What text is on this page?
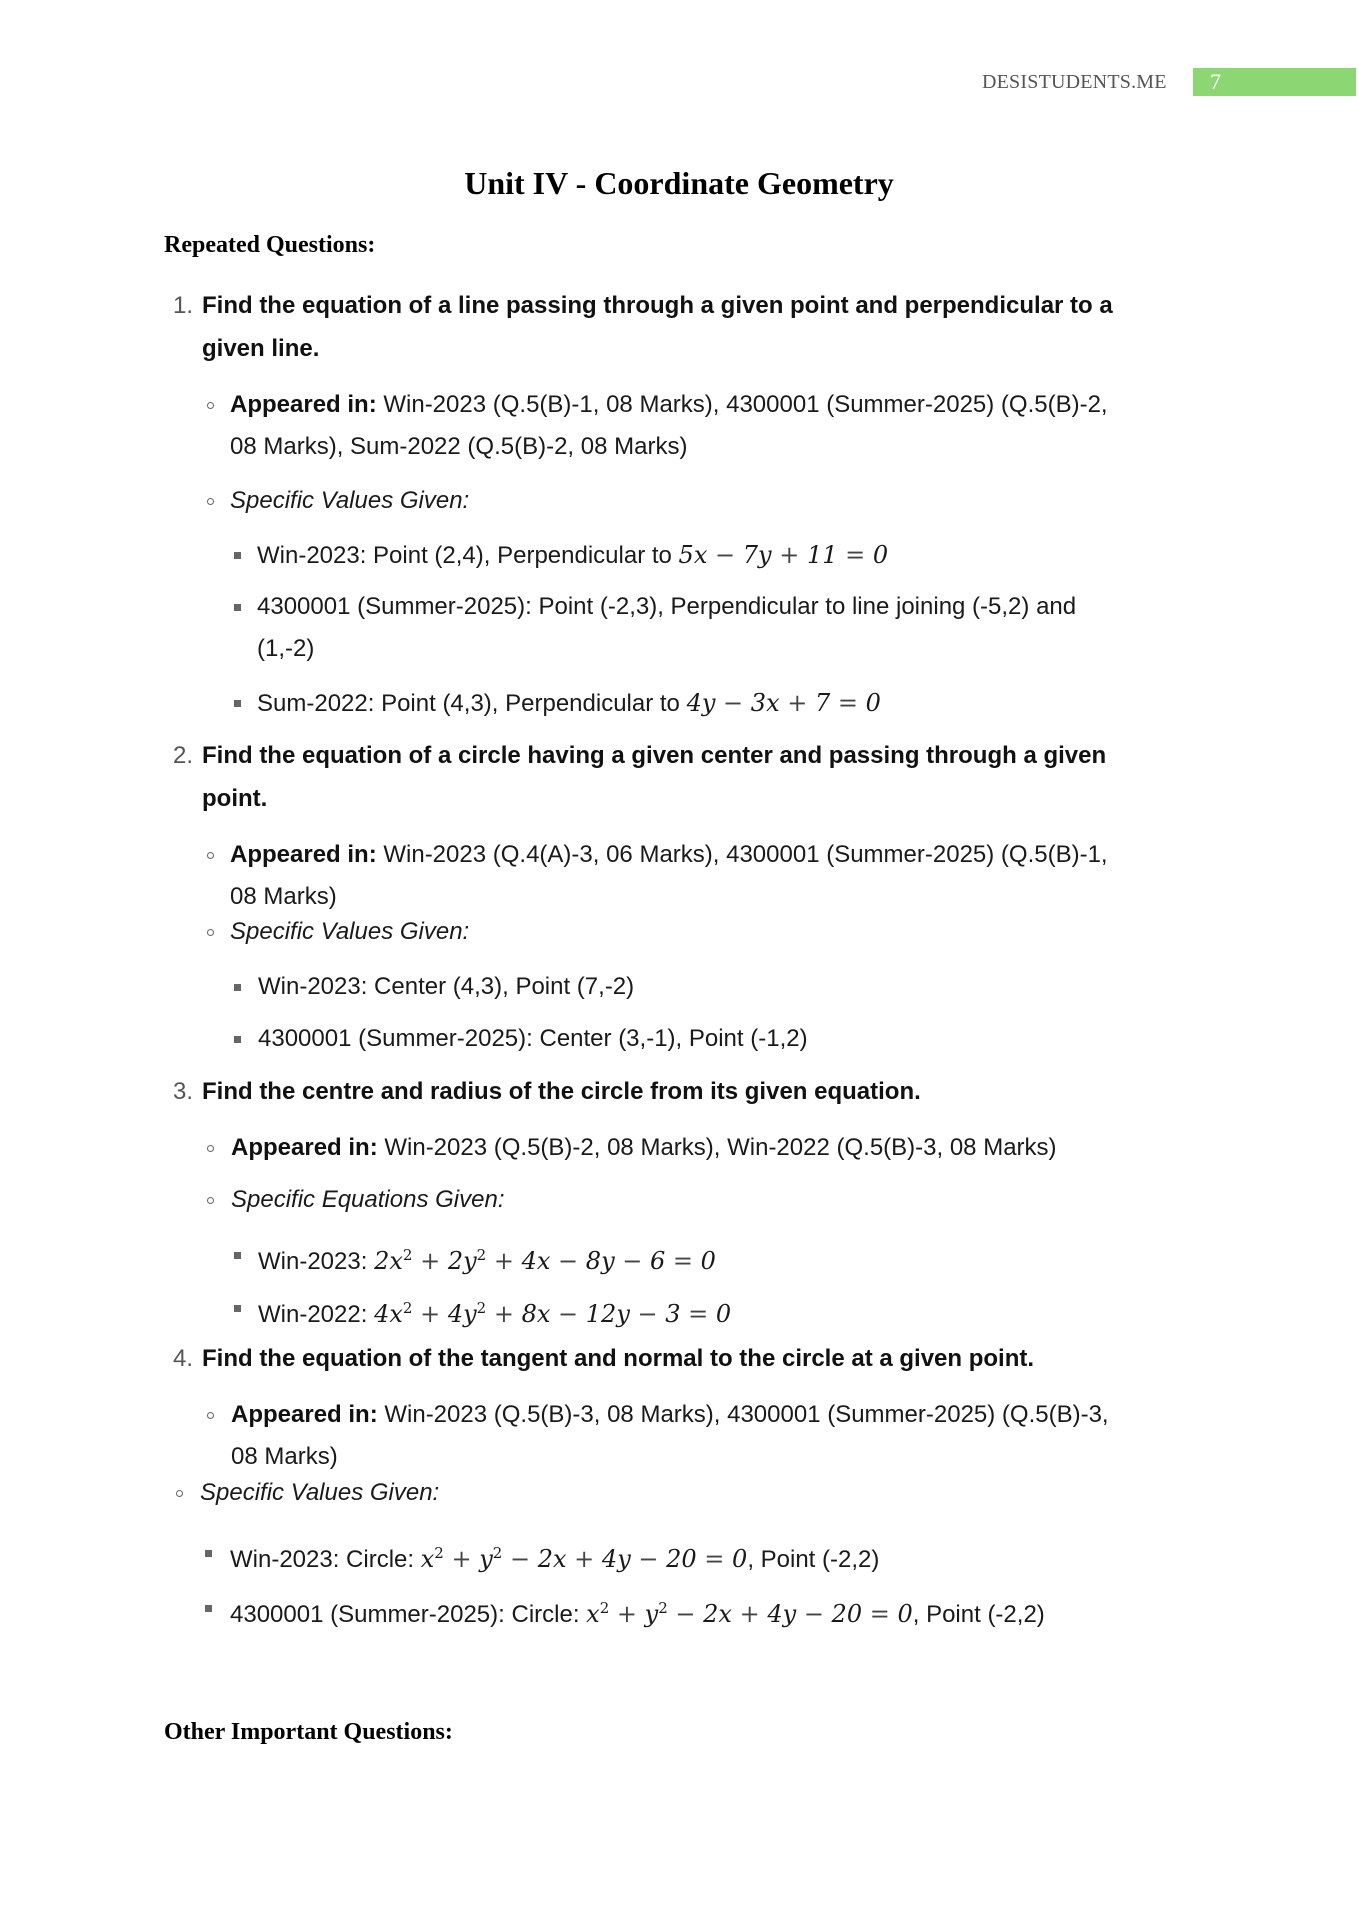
DESISTUDENTS.ME	7
Unit IV - Coordinate Geometry
Repeated Questions:
1. Find the equation of a line passing through a given point and perpendicular to a
given line.
Appeared in: Win-2023 (Q.5(B)-1, 08 Marks), 4300001 (Summer-2025) (Q.5(B)-2,
08 Marks), Sum-2022 (Q.5(B)-2, 08 Marks)
Specific Values Given:
Win-2023: Point (2,4), Perpendicular to 5x − 7y + 11 = 0
4300001 (Summer-2025): Point (-2,3), Perpendicular to line joining (-5,2) and
(1,-2)
Sum-2022: Point (4,3), Perpendicular to 4y − 3x + 7 = 0
2. Find the equation of a circle having a given center and passing through a given
point.
Appeared in: Win-2023 (Q.4(A)-3, 06 Marks), 4300001 (Summer-2025) (Q.5(B)-1,
08 Marks)
Specific Values Given:
Win-2023: Center (4,3), Point (7,-2)
4300001 (Summer-2025): Center (3,-1), Point (-1,2)
3. Find the centre and radius of the circle from its given equation.
Appeared in: Win-2023 (Q.5(B)-2, 08 Marks), Win-2022 (Q.5(B)-3, 08 Marks)
Specific Equations Given:
Win-2023: $2x^2 + 2y^2 + 4x - 8y - 6 = 0$
Win-2022: $4x^2 + 4y^2 + 8x - 12y - 3 = 0$
4. Find the equation of the tangent and normal to the circle at a given point.
Appeared in: Win-2023 (Q.5(B)-3, 08 Marks), 4300001 (Summer-2025) (Q.5(B)-3,
08 Marks)
Specific Values Given:
Win-2023: Circle: $x^2 + y^2 - 2x + 4y - 20 = 0$, Point (-2,2)
4300001 (Summer-2025): Circle: $x^2 + y^2 - 2x + 4y - 20 = 0$, Point (-2,2)
Other Important Questions:
